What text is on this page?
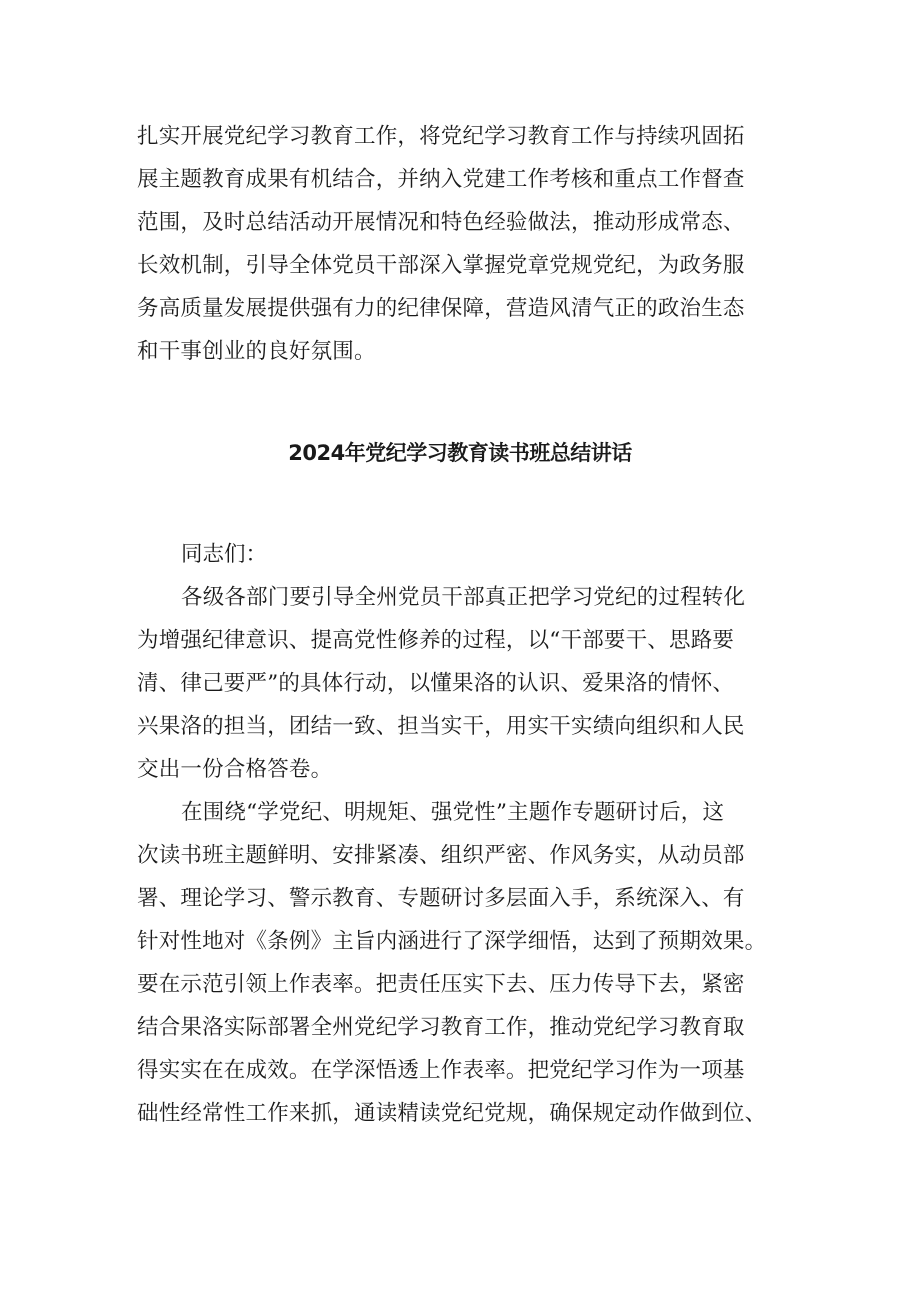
扎实开展党纪学习教育工作，将党纪学习教育工作与持续巩固拓
展主题教育成果有机结合，并纳入党建工作考核和重点工作督查
范围，及时总结活动开展情况和特色经验做法，推动形成常态、
长效机制，引导全体党员干部深入掌握党章党规党纪，为政务服
务高质量发展提供强有力的纪律保障，营造风清气正的政治生态
和干事创业的良好氛围。
2024年党纪学习教育读书班总结讲话
同志们：
各级各部门要引导全州党员干部真正把学习党纪的过程转化
为增强纪律意识、提高党性修养的过程，以“干部要干、思路要
清、律己要严”的具体行动，以懂果洛的认识、爱果洛的情怀、
兴果洛的担当，团结一致、担当实干，用实干实绩向组织和人民
交出一份合格答卷。
在围绕“学党纪、明规矩、强党性”主题作专题研讨后，这
次读书班主题鲜明、安排紧凑、组织严密、作风务实，从动员部
署、理论学习、警示教育、专题研讨多层面入手，系统深入、有
针对性地对《条例》主旨内涵进行了深学细悟，达到了预期效果。
要在示范引领上作表率。把责任压实下去、压力传导下去，紧密
结合果洛实际部署全州党纪学习教育工作，推动党纪学习教育取
得实实在在成效。在学深悟透上作表率。把党纪学习作为一项基
础性经常性工作来抓，通读精读党纪党规，确保规定动作做到位、
